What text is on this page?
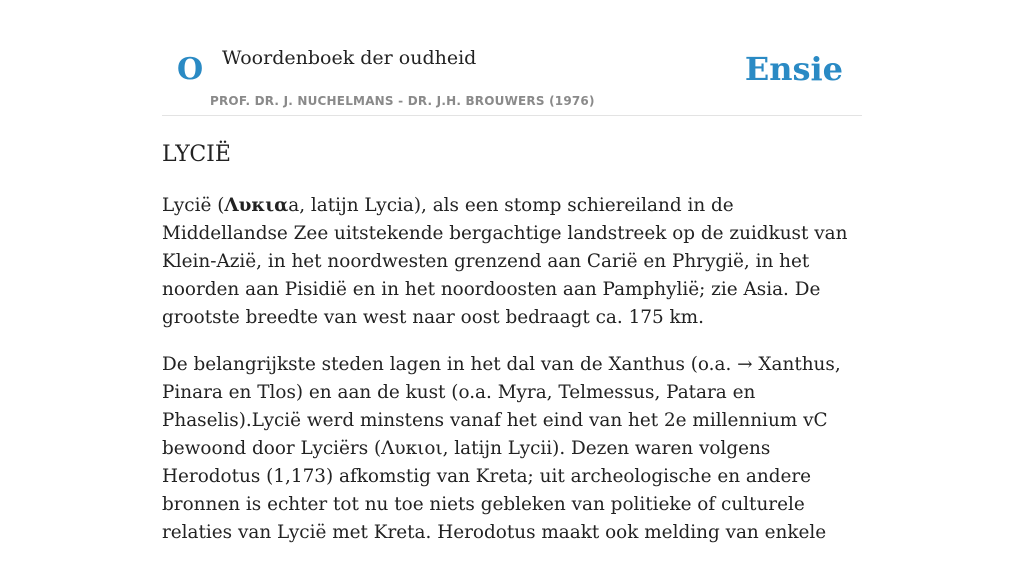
O Woordenboek der oudheid	Ensie
PROF. DR. J. NUCHELMANS - DR. J.H. BROUWERS (1976)
LYCIË

Lycië (Λυκιαa, latijn Lycia), als een stomp schiereiland in de Middellandse Zee uitstekende bergachtige landstreek op de zuidkust van Klein-Azië, in het noordwesten grenzend aan Carië en Phrygië, in het noorden aan Pisidië en in het noordoosten aan Pamphylië; zie Asia. De grootste breedte van west naar oost bedraagt ca. 175 km.

De belangrijkste steden lagen in het dal van de Xanthus (o.a. → Xanthus, Pinara en Tlos) en aan de kust (o.a. Myra, Telmessus, Patara en Phaselis).Lycië werd minstens vanaf het eind van het 2e millennium vC bewoond door Lyciërs (Λυκιοι, latijn Lycii). Dezen waren volgens Herodotus (1,173) afkomstig van Kreta; uit archeologische en andere bronnen is echter tot nu toe niets gebleken van politieke of culturele relaties van Lycië met Kreta. Herodotus maakt ook melding van enkele
